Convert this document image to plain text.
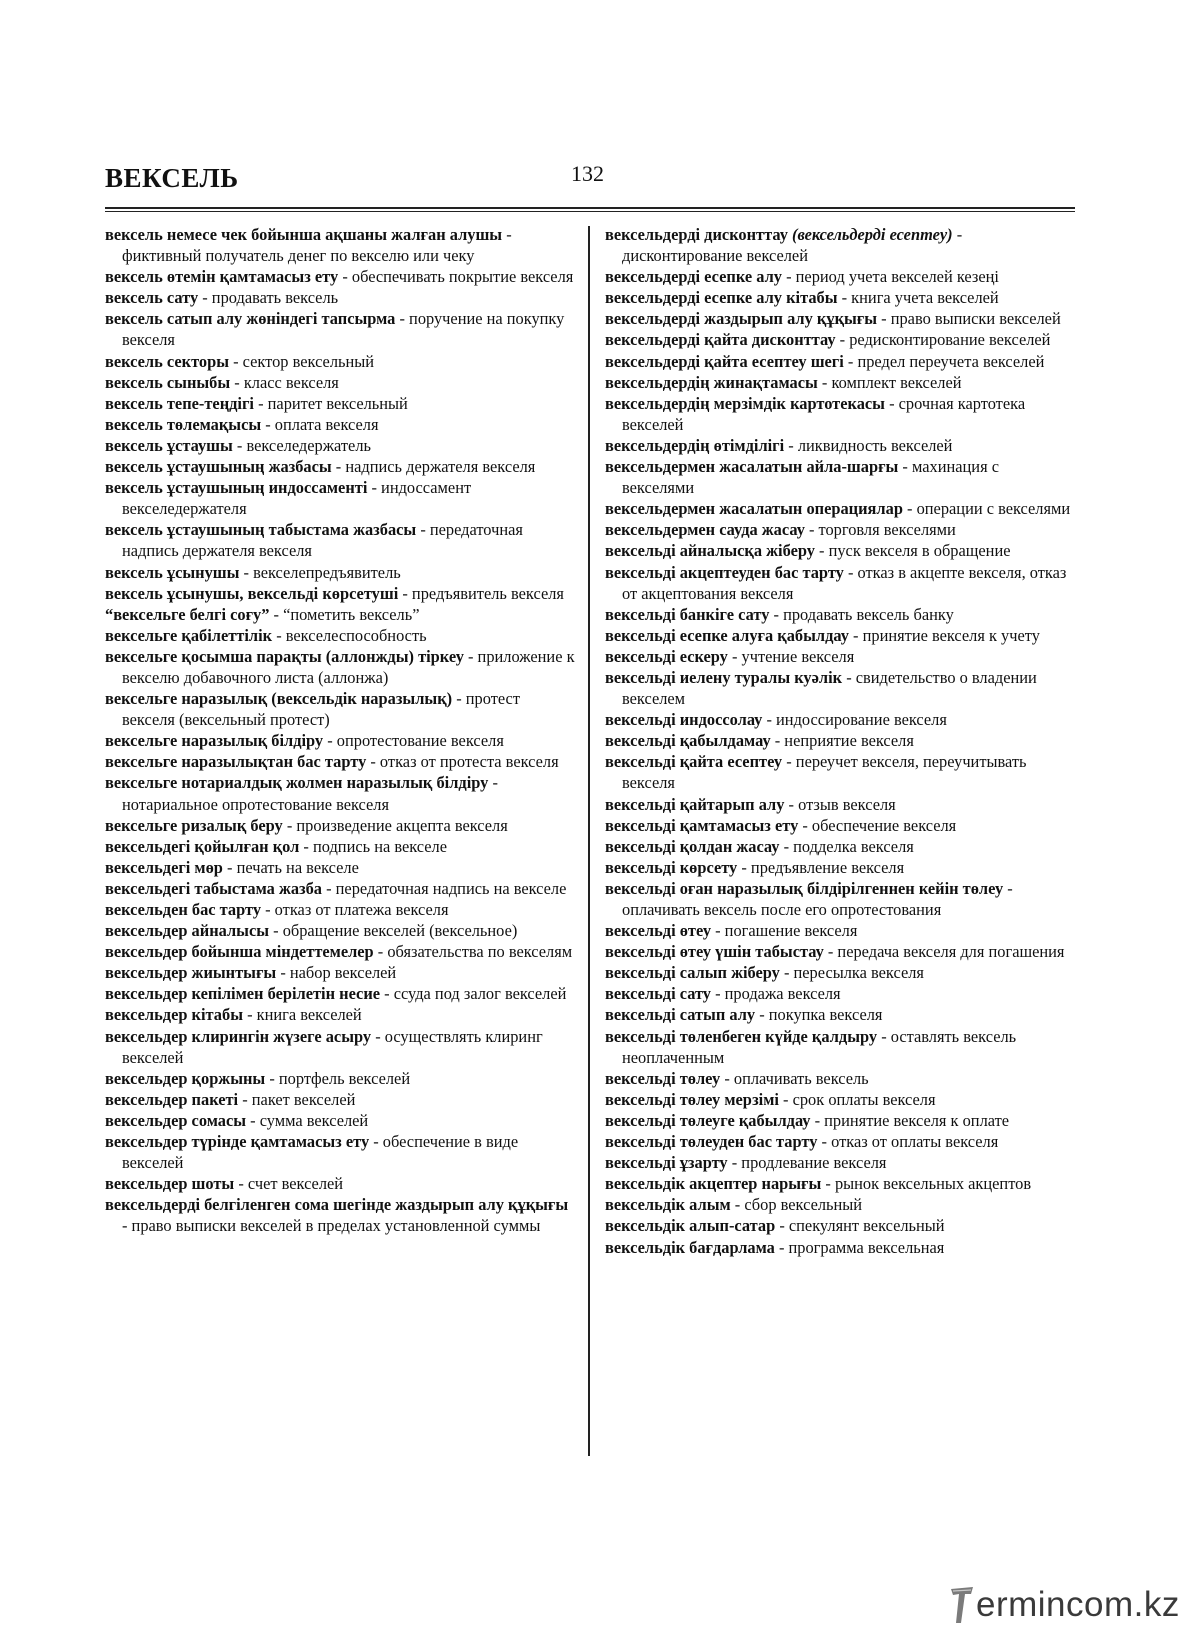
ВЕКСЕЛЬ	132

вексель немесе чек бойынша ақшаны жалған алушы - фиктивный получатель денег по векселю или чеку

вексель өтемін қамтамасыз ету - обеспечивать покрытие векселя

вексель сату - продавать вексель

вексель сатып алу жөніндегі тапсырма - поручение на покупку векселя

вексель секторы - сектор вексельный

вексель сыныбы - класс векселя

вексель тепе-теңдігі - паритет вексельный

вексель төлемақысы - оплата векселя

вексель ұстаушы - векселедержатель

вексель ұстаушының жазбасы - надпись держателя векселя

вексель ұстаушының индоссаменті - индоссамент векселедержателя

вексель ұстаушының табыстама жазбасы - передаточная надпись держателя векселя

вексель ұсынушы - векселепредъявитель

вексель ұсынушы, вексельді көрсетуші - предъявитель векселя

“вексельге белгі соғу” - “пометить вексель”

вексельге қабілеттілік - векселеспособность

вексельге қосымша парақты (аллонжды) тіркеу - приложение к векселю добавочного листа (аллонжа)

вексельге наразылық (вексельдік наразылық) - протест векселя (вексельный протест)

вексельге наразылық білдіру - опротестование векселя

вексельге наразылықтан бас тарту - отказ от протеста векселя

вексельге нотариалдық жолмен наразылық білдіру - нотариальное опротестование векселя

вексельге ризалық беру - произведение акцепта векселя

вексельдегі қойылған қол - подпись на векселе

вексельдегі мөр - печать на векселе

вексельдегі табыстама жазба - передаточная надпись на векселе

вексельден бас тарту - отказ от платежа векселя

вексельдер айналысы - обращение векселей (вексельное)

вексельдер бойынша міндеттемелер - обязательства по векселям

вексельдер жиынтығы - набор векселей

вексельдер кепілімен берілетін несие - ссуда под залог векселей

вексельдер кітабы - книга векселей

вексельдер клирингін жүзеге асыру - осуществлять клиринг векселей

вексельдер қоржыны - портфель векселей

вексельдер пакеті - пакет векселей

вексельдер сомасы - сумма векселей

вексельдер түрінде қамтамасыз ету - обеспечение в виде векселей

вексельдер шоты - счет векселей

вексельдерді белгіленген сома шегінде жаздырып алу құқығы - право выписки векселей в пределах установленной суммы

вексельдерді дисконттау (вексельдерді есептеу) - дисконтирование векселей

вексельдерді есепке алу - период учета векселей кезеңі

вексельдерді есепке алу кітабы - книга учета векселей

вексельдерді жаздырып алу құқығы - право выписки векселей

вексельдерді қайта дисконттау - редисконтирование векселей

вексельдерді қайта есептеу шегі - предел переучета векселей

вексельдердің жинақтамасы - комплект векселей

вексельдердің мерзімдік картотекасы - срочная картотека векселей

вексельдердің өтімділігі - ликвидность векселей

вексельдермен жасалатын айла-шарғы - махинация с векселями

вексельдермен жасалатын операциялар - операции с векселями

вексельдермен сауда жасау - торговля векселями

вексельді айналысқа жіберу - пуск векселя в обращение

вексельді акцептеуден бас тарту - отказ в акцепте векселя, отказ от акцептования векселя

вексельді банкіге сату - продавать вексель банку

вексельді есепке алуға қабылдау - принятие векселя к учету

вексельді ескеру - учтение векселя

вексельді иелену туралы куәлік - свидетельство о владении векселем

вексельді индоссолау - индоссирование векселя

вексельді қабылдамау - неприятие векселя

вексельді қайта есептеу - переучет векселя, переучитывать векселя

вексельді қайтарып алу - отзыв векселя

вексельді қамтамасыз ету - обеспечение векселя

вексельді қолдан жасау - подделка векселя

вексельді көрсету - предъявление векселя

вексельді оған наразылық білдірілгеннен кейін төлеу - оплачивать вексель после его опротестования

вексельді өтеу - погашение векселя

вексельді өтеу үшін табыстау - передача векселя для погашения

вексельді салып жіберу - пересылка векселя

вексельді сату - продажа векселя

вексельді сатып алу - покупка векселя

вексельді төленбеген күйде қалдыру - оставлять вексель неоплаченным

вексельді төлеу - оплачивать вексель

вексельді төлеу мерзімі - срок оплаты векселя

вексельді төлеуге қабылдау - принятие векселя к оплате

вексельді төлеуден бас тарту - отказ от оплаты векселя

вексельді ұзарту - продлевание векселя

вексельдік акцептер нарығы - рынок вексельных акцептов

вексельдік алым - сбор вексельный

вексельдік алып-сатар - спекулянт вексельный

вексельдік бағдарлама - программа вексельная

ermincom.kz
